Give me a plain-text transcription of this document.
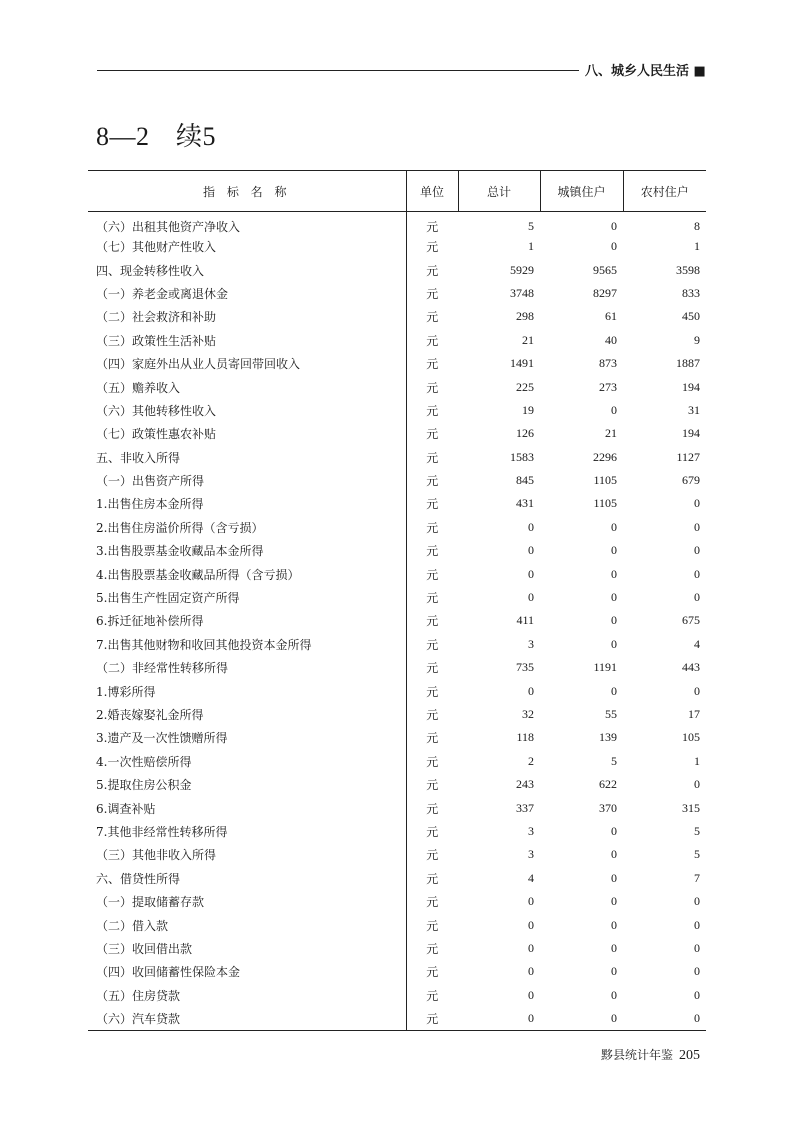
八、城乡人民生活 ■
8—2　续5
指 标 名 称	单位	总计	城镇住户	农村住户
（六）出租其他资产净收入	元	5	0	8
（七）其他财产性收入	元	1	0	1
四、现金转移性收入	元	5929	9565	3598
（一）养老金或离退休金	元	3748	8297	833
（二）社会救济和补助	元	298	61	450
（三）政策性生活补贴	元	21	40	9
（四）家庭外出从业人员寄回带回收入	元	1491	873	1887
（五）赡养收入	元	225	273	194
（六）其他转移性收入	元	19	0	31
（七）政策性惠农补贴	元	126	21	194
五、非收入所得	元	1583	2296	1127
（一）出售资产所得	元	845	1105	679
1.出售住房本金所得	元	431	1105	0
2.出售住房溢价所得（含亏损）	元	0	0	0
3.出售股票基金收藏品本金所得	元	0	0	0
4.出售股票基金收藏品所得（含亏损）	元	0	0	0
5.出售生产性固定资产所得	元	0	0	0
6.拆迁征地补偿所得	元	411	0	675
7.出售其他财物和收回其他投资本金所得	元	3	0	4
（二）非经常性转移所得	元	735	1191	443
1.博彩所得	元	0	0	0
2.婚丧嫁娶礼金所得	元	32	55	17
3.遗产及一次性馈赠所得	元	118	139	105
4.一次性赔偿所得	元	2	5	1
5.提取住房公积金	元	243	622	0
6.调查补贴	元	337	370	315
7.其他非经常性转移所得	元	3	0	5
（三）其他非收入所得	元	3	0	5
六、借贷性所得	元	4	0	7
（一）提取储蓄存款	元	0	0	0
（二）借入款	元	0	0	0
（三）收回借出款	元	0	0	0
（四）收回储蓄性保险本金	元	0	0	0
（五）住房贷款	元	0	0	0
（六）汽车贷款	元	0	0	0
黟县统计年鉴 205
